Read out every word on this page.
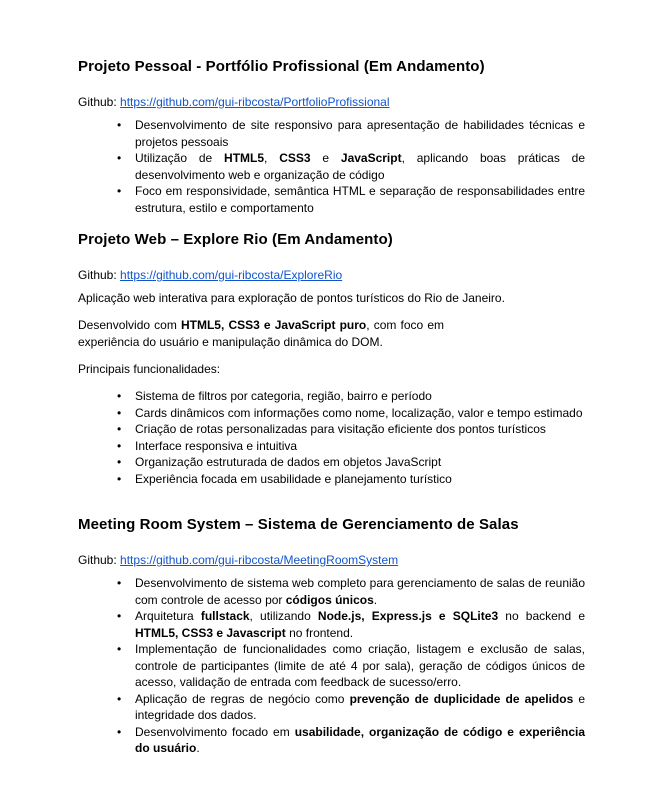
Projeto Pessoal - Portfólio Profissional (Em Andamento)

Github: https://github.com/gui-ribcosta/PortfolioProfissional

• Desenvolvimento de site responsivo para apresentação de habilidades técnicas e projetos pessoais
• Utilização de HTML5, CSS3 e JavaScript, aplicando boas práticas de desenvolvimento web e organização de código
• Foco em responsividade, semântica HTML e separação de responsabilidades entre estrutura, estilo e comportamento
Projeto Web – Explore Rio (Em Andamento)

Github: https://github.com/gui-ribcosta/ExploreRio

Aplicação web interativa para exploração de pontos turísticos do Rio de Janeiro.

Desenvolvido com HTML5, CSS3 e JavaScript puro, com foco em experiência do usuário e manipulação dinâmica do DOM.

Principais funcionalidades:

• Sistema de filtros por categoria, região, bairro e período
• Cards dinâmicos com informações como nome, localização, valor e tempo estimado
• Criação de rotas personalizadas para visitação eficiente dos pontos turísticos
• Interface responsiva e intuitiva
• Organização estruturada de dados em objetos JavaScript
• Experiência focada em usabilidade e planejamento turístico
Meeting Room System – Sistema de Gerenciamento de Salas

Github: https://github.com/gui-ribcosta/MeetingRoomSystem

• Desenvolvimento de sistema web completo para gerenciamento de salas de reunião com controle de acesso por códigos únicos.
• Arquitetura fullstack, utilizando Node.js, Express.js e SQLite3 no backend e HTML5, CSS3 e Javascript no frontend.
• Implementação de funcionalidades como criação, listagem e exclusão de salas, controle de participantes (limite de até 4 por sala), geração de códigos únicos de acesso, validação de entrada com feedback de sucesso/erro.
• Aplicação de regras de negócio como prevenção de duplicidade de apelidos e integridade dos dados.
• Desenvolvimento focado em usabilidade, organização de código e experiência do usuário.
